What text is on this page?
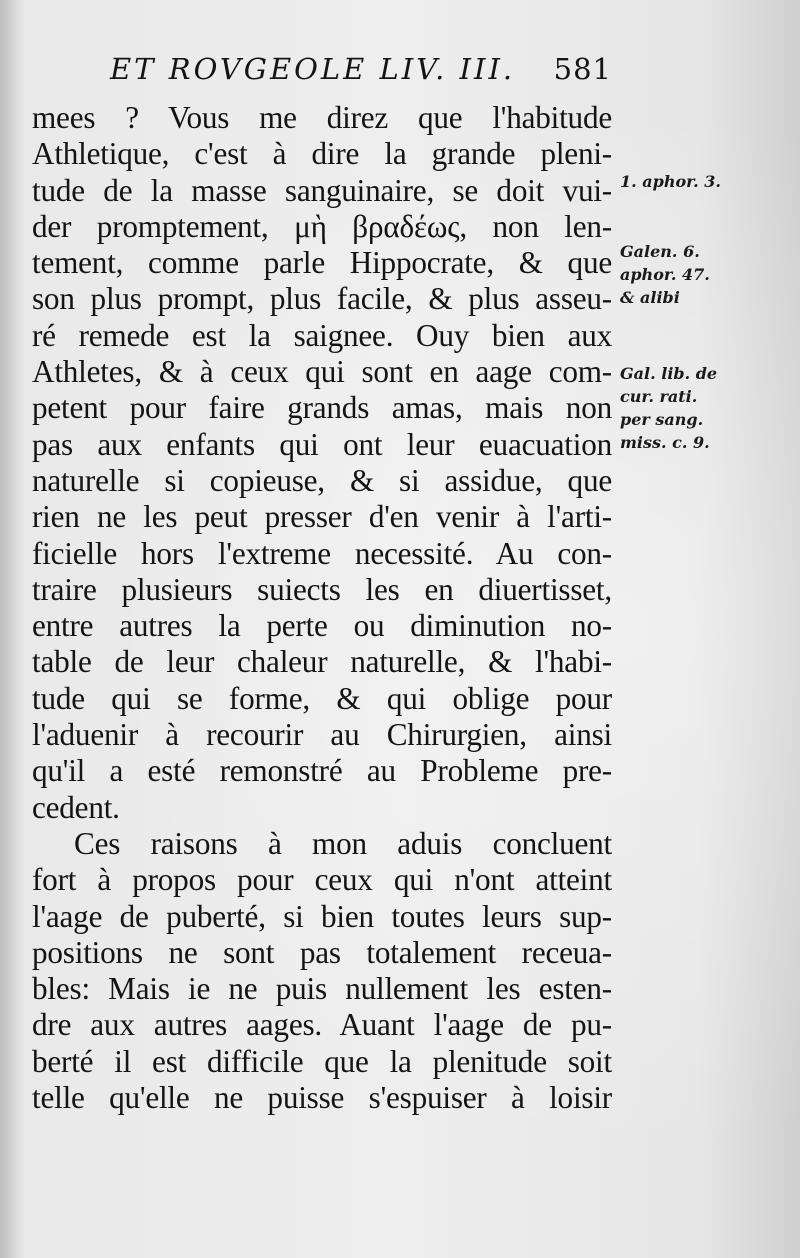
ET ROVGEOLE LIV. III. 581
mees ? Vous me direz que l'habitude
Athletique, c'est à dire la grande pleni-
tude de la masse sanguinaire, se doit vui-
der promptement, μὴ βραδέως, non len-
tement, comme parle Hippocrate, & que
son plus prompt, plus facile, & plus asseu-
ré remede est la saignee. Ouy bien aux
Athletes, & à ceux qui sont en aage com-
petent pour faire grands amas, mais non
pas aux enfants qui ont leur euacuation
naturelle si copieuse, & si assidue, que
rien ne les peut presser d'en venir à l'arti-
ficielle hors l'extreme necessité. Au con-
traire plusieurs suiects les en diuertisset,
entre autres la perte ou diminution no-
table de leur chaleur naturelle, & l'habi-
tude qui se forme, & qui oblige pour
l'aduenir à recourir au Chirurgien, ainsi
qu'il a esté remonstré au Probleme pre-
cedent.
Ces raisons à mon aduis concluent
fort à propos pour ceux qui n'ont atteint
l'aage de puberté, si bien toutes leurs sup-
positions ne sont pas totalement receua-
bles: Mais ie ne puis nullement les esten-
dre aux autres aages. Auant l'aage de pu-
berté il est difficile que la plenitude soit
telle qu'elle ne puisse s'espuiser à loisir
1. aphor. 3.
Galen. 6.
aphor. 47.
& alibi
Gal. lib. de
cur. rati.
per sang.
miss. c. 9.
